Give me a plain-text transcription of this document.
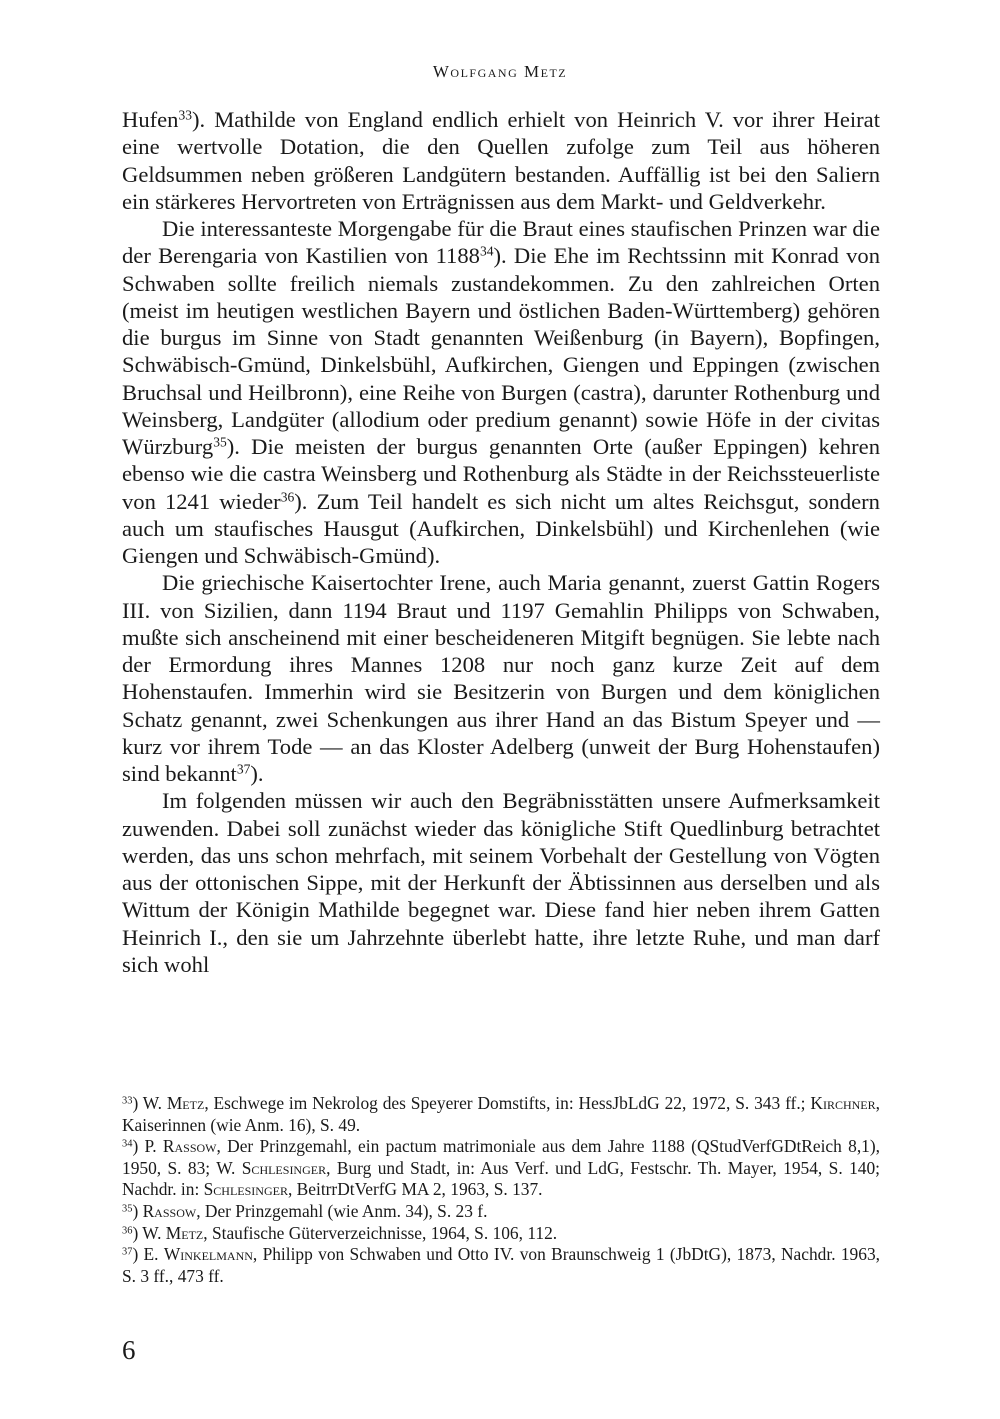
Wolfgang Metz

Hufen$^{33}$). Mathilde von England endlich erhielt von Heinrich V. vor ihrer Heirat eine wertvolle Dotation, die den Quellen zufolge zum Teil aus höheren Geldsummen neben größeren Landgütern bestanden. Auffällig ist bei den Saliern ein stärkeres Hervortreten von Erträgnissen aus dem Markt- und Geldverkehr.

Die interessanteste Morgengabe für die Braut eines staufischen Prinzen war die der Berengaria von Kastilien von 1188$^{34}$). Die Ehe im Rechtssinn mit Konrad von Schwaben sollte freilich niemals zustandekommen. Zu den zahlreichen Orten (meist im heutigen westlichen Bayern und östlichen Baden-Württemberg) gehören die burgus im Sinne von Stadt genannten Weißenburg (in Bayern), Bopfingen, Schwäbisch-Gmünd, Dinkelsbühl, Aufkirchen, Giengen und Eppingen (zwischen Bruchsal und Heilbronn), eine Reihe von Burgen (castra), darunter Rothenburg und Weinsberg, Landgüter (allodium oder predium genannt) sowie Höfe in der civitas Würzburg$^{35}$). Die meisten der burgus genannten Orte (außer Eppingen) kehren ebenso wie die castra Weinsberg und Rothenburg als Städte in der Reichssteuerliste von 1241 wieder$^{36}$). Zum Teil handelt es sich nicht um altes Reichsgut, sondern auch um staufisches Hausgut (Aufkirchen, Dinkelsbühl) und Kirchenlehen (wie Giengen und Schwäbisch-Gmünd).

Die griechische Kaisertochter Irene, auch Maria genannt, zuerst Gattin Rogers III. von Sizilien, dann 1194 Braut und 1197 Gemahlin Philipps von Schwaben, mußte sich anscheinend mit einer bescheideneren Mitgift begnügen. Sie lebte nach der Ermordung ihres Mannes 1208 nur noch ganz kurze Zeit auf dem Hohenstaufen. Immerhin wird sie Besitzerin von Burgen und dem königlichen Schatz genannt, zwei Schenkungen aus ihrer Hand an das Bistum Speyer und — kurz vor ihrem Tode — an das Kloster Adelberg (unweit der Burg Hohenstaufen) sind bekannt$^{37}$).

Im folgenden müssen wir auch den Begräbnisstätten unsere Aufmerksamkeit zuwenden. Dabei soll zunächst wieder das königliche Stift Quedlinburg betrachtet werden, das uns schon mehrfach, mit seinem Vorbehalt der Gestellung von Vögten aus der ottonischen Sippe, mit der Herkunft der Äbtissinnen aus derselben und als Wittum der Königin Mathilde begegnet war. Diese fand hier neben ihrem Gatten Heinrich I., den sie um Jahrzehnte überlebt hatte, ihre letzte Ruhe, und man darf sich wohl

$^{33}$) W. Metz, Eschwege im Nekrolog des Speyerer Domstifts, in: HessJbLdG 22, 1972, S. 343 ff.; Kirchner, Kaiserinnen (wie Anm. 16), S. 49.

$^{34}$) P. Rassow, Der Prinzgemahl, ein pactum matrimoniale aus dem Jahre 1188 (QStudVerfGDtReich 8,1), 1950, S. 83; W. Schlesinger, Burg und Stadt, in: Aus Verf. und LdG, Festschr. Th. Mayer, 1954, S. 140; Nachdr. in: Schlesinger, BeitrrDtVerfG MA 2, 1963, S. 137.

$^{35}$) Rassow, Der Prinzgemahl (wie Anm. 34), S. 23 f.

$^{36}$) W. Metz, Staufische Güterverzeichnisse, 1964, S. 106, 112.

$^{37}$) E. Winkelmann, Philipp von Schwaben und Otto IV. von Braunschweig 1 (JbDtG), 1873, Nachdr. 1963, S. 3 ff., 473 ff.

6
